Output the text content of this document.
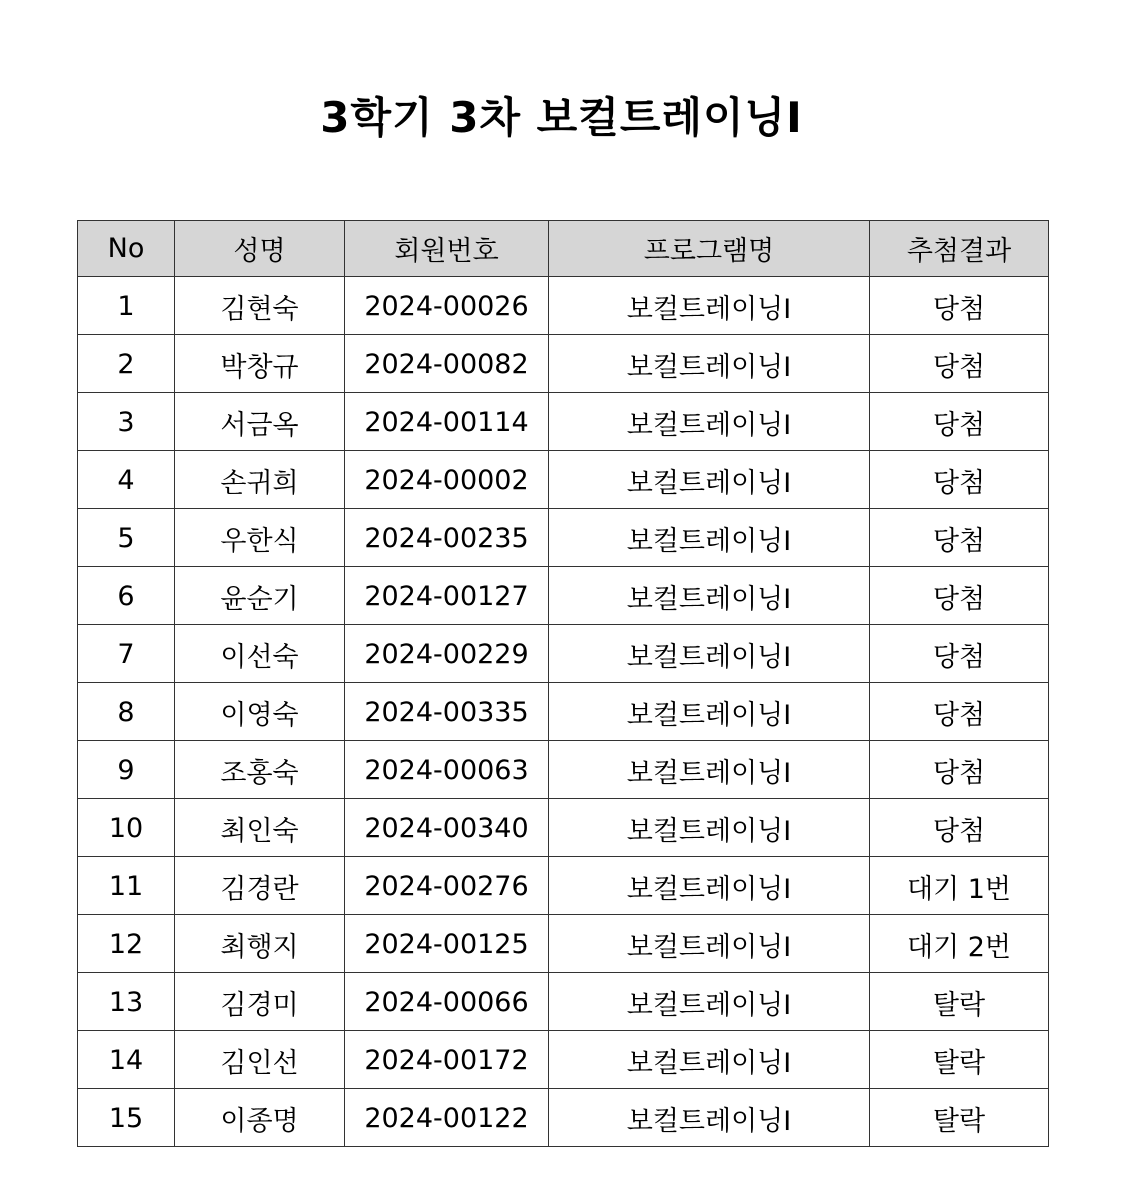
3학기 3차 보컬트레이닝I
No	성명	회원번호	프로그램명	추첨결과
1	김현숙	2024-00026	보컬트레이닝I	당첨
2	박창규	2024-00082	보컬트레이닝I	당첨
3	서금옥	2024-00114	보컬트레이닝I	당첨
4	손귀희	2024-00002	보컬트레이닝I	당첨
5	우한식	2024-00235	보컬트레이닝I	당첨
6	윤순기	2024-00127	보컬트레이닝I	당첨
7	이선숙	2024-00229	보컬트레이닝I	당첨
8	이영숙	2024-00335	보컬트레이닝I	당첨
9	조홍숙	2024-00063	보컬트레이닝I	당첨
10	최인숙	2024-00340	보컬트레이닝I	당첨
11	김경란	2024-00276	보컬트레이닝I	대기 1번
12	최행지	2024-00125	보컬트레이닝I	대기 2번
13	김경미	2024-00066	보컬트레이닝I	탈락
14	김인선	2024-00172	보컬트레이닝I	탈락
15	이종명	2024-00122	보컬트레이닝I	탈락
